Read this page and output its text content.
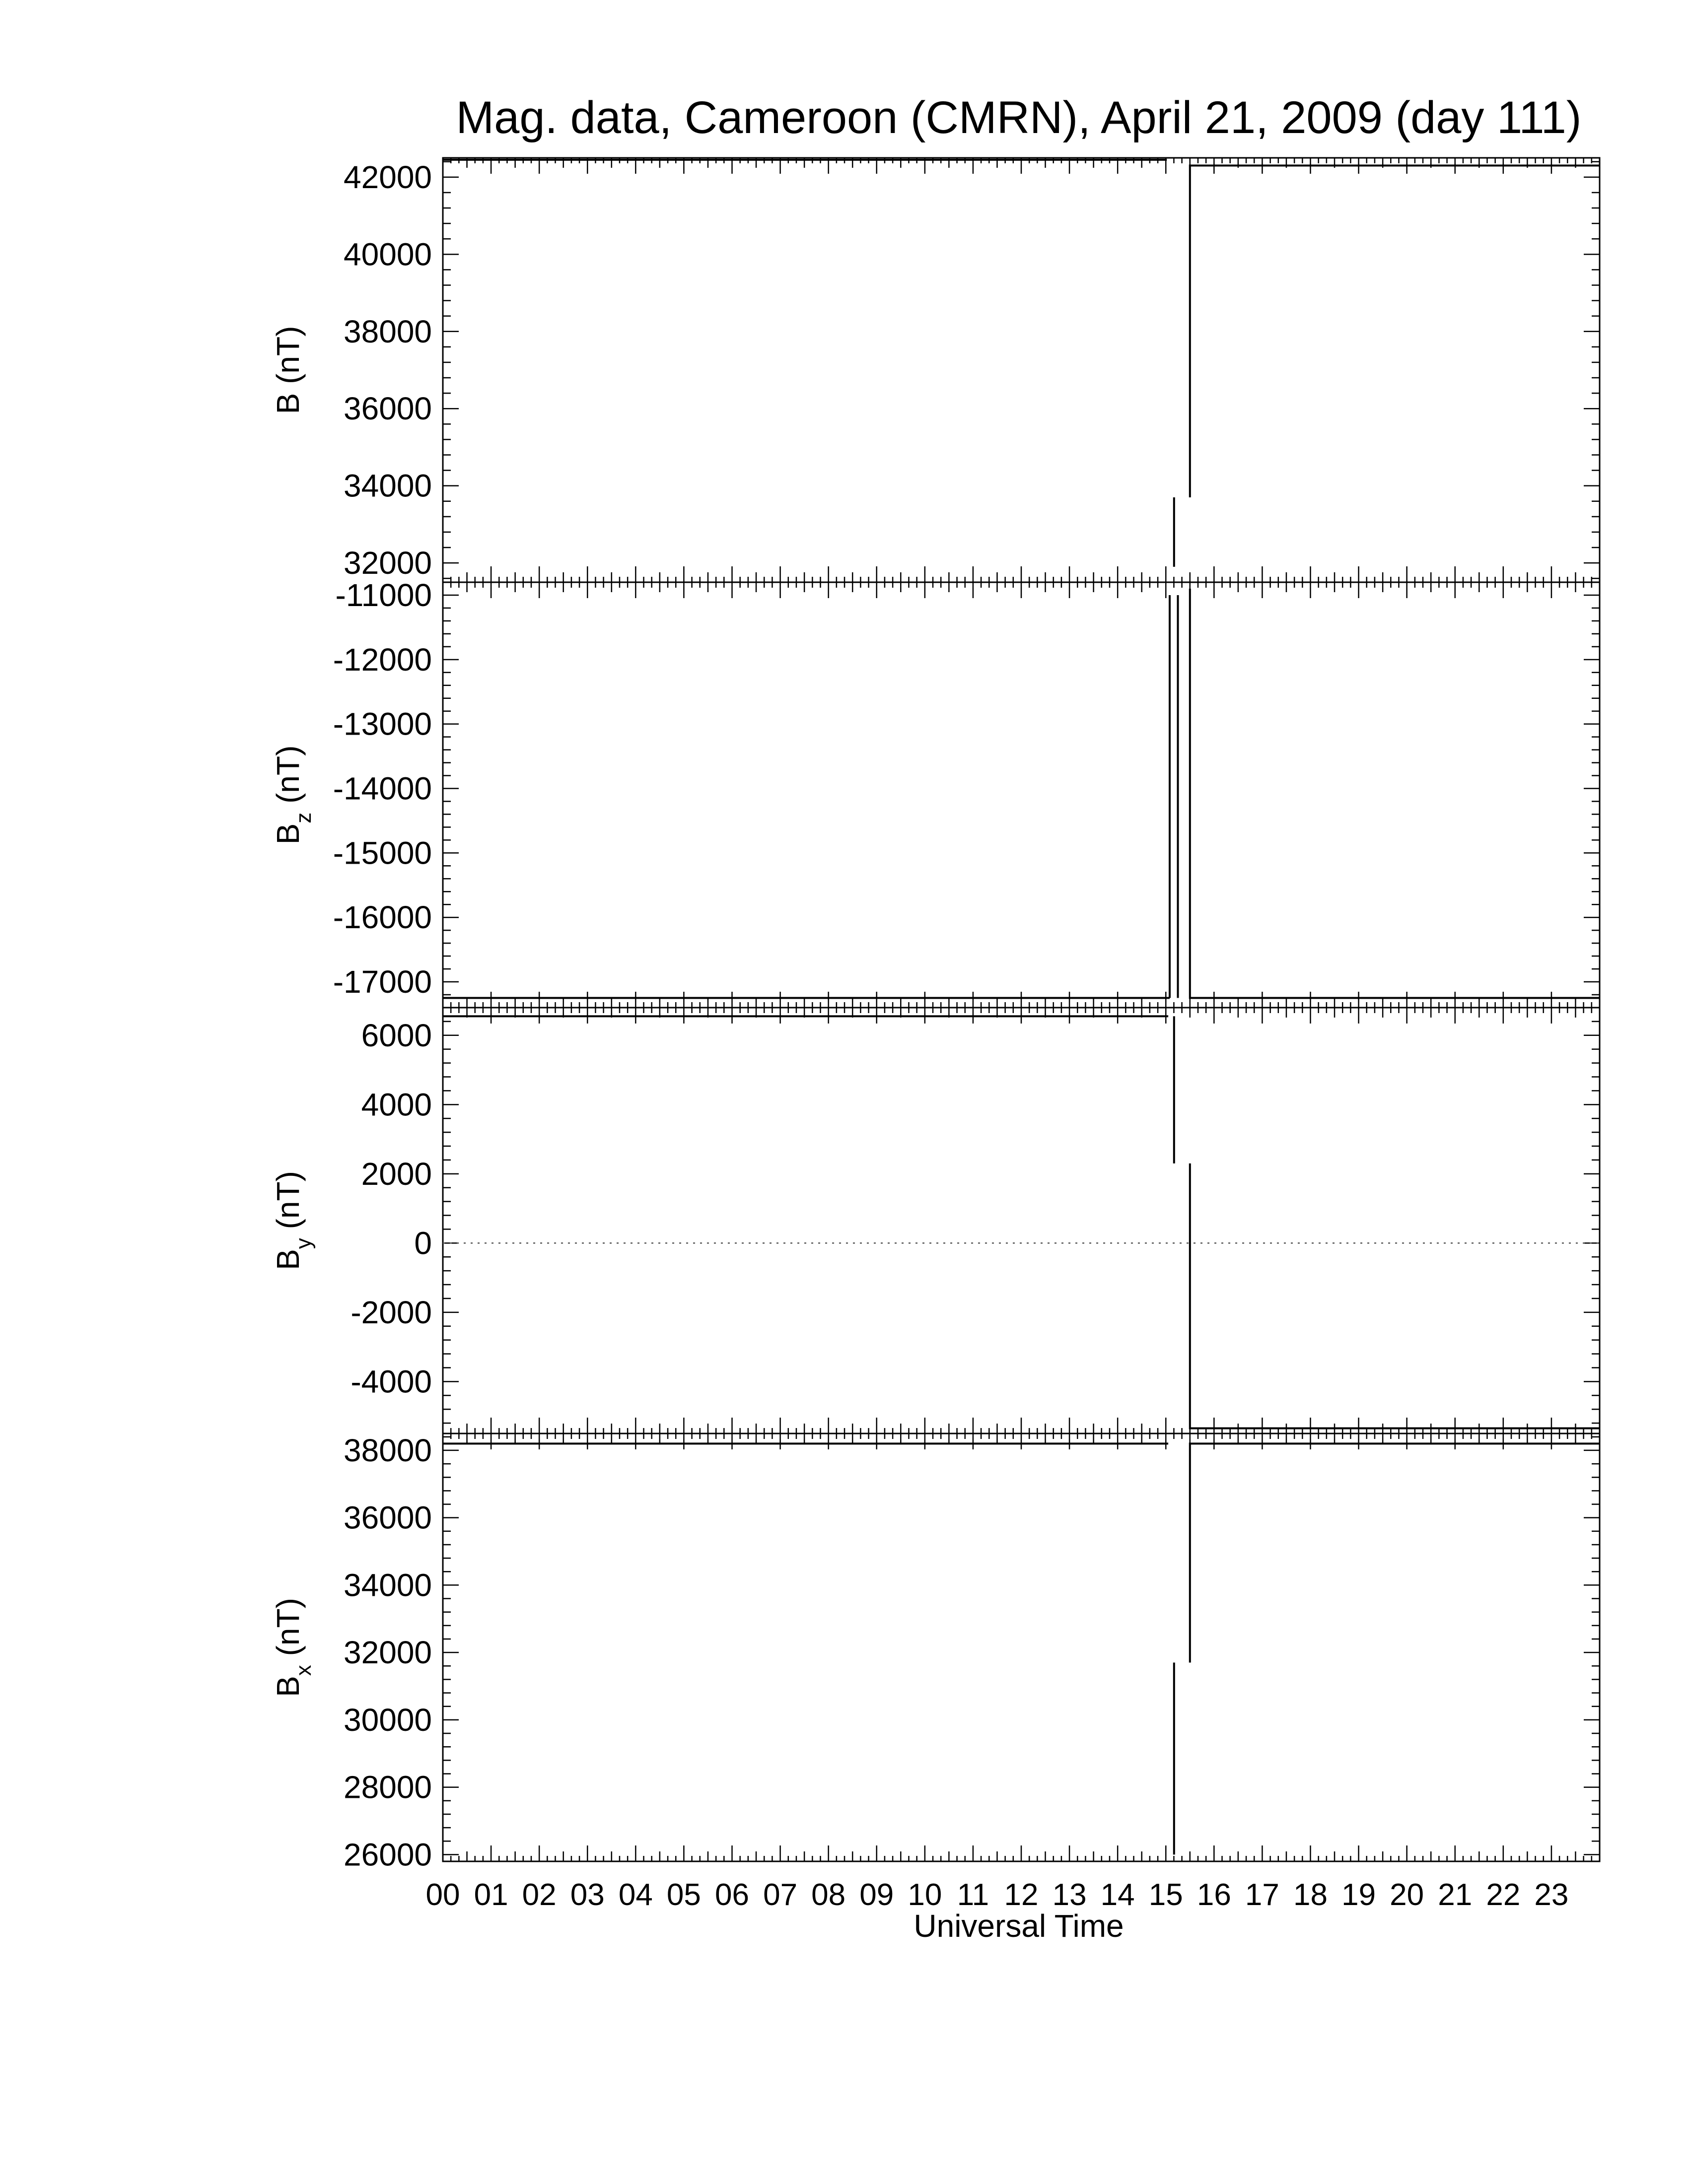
Mag. data, Cameroon (CMRN), April 21, 2009 (day 111)
32000
34000
36000
38000
40000
42000
B (nT)
-11000
-12000
-13000
-14000
-15000
-16000
-17000
$B_z$ (nT)
6000
4000
2000
0
-2000
-4000
$B_y$ (nT)
38000
36000
34000
32000
30000
28000
26000
$B_x$ (nT)
00 01 02 03 04 05 06 07 08 09 10 11 12 13 14 15 16 17 18 19 20 21 22 23
Universal Time
